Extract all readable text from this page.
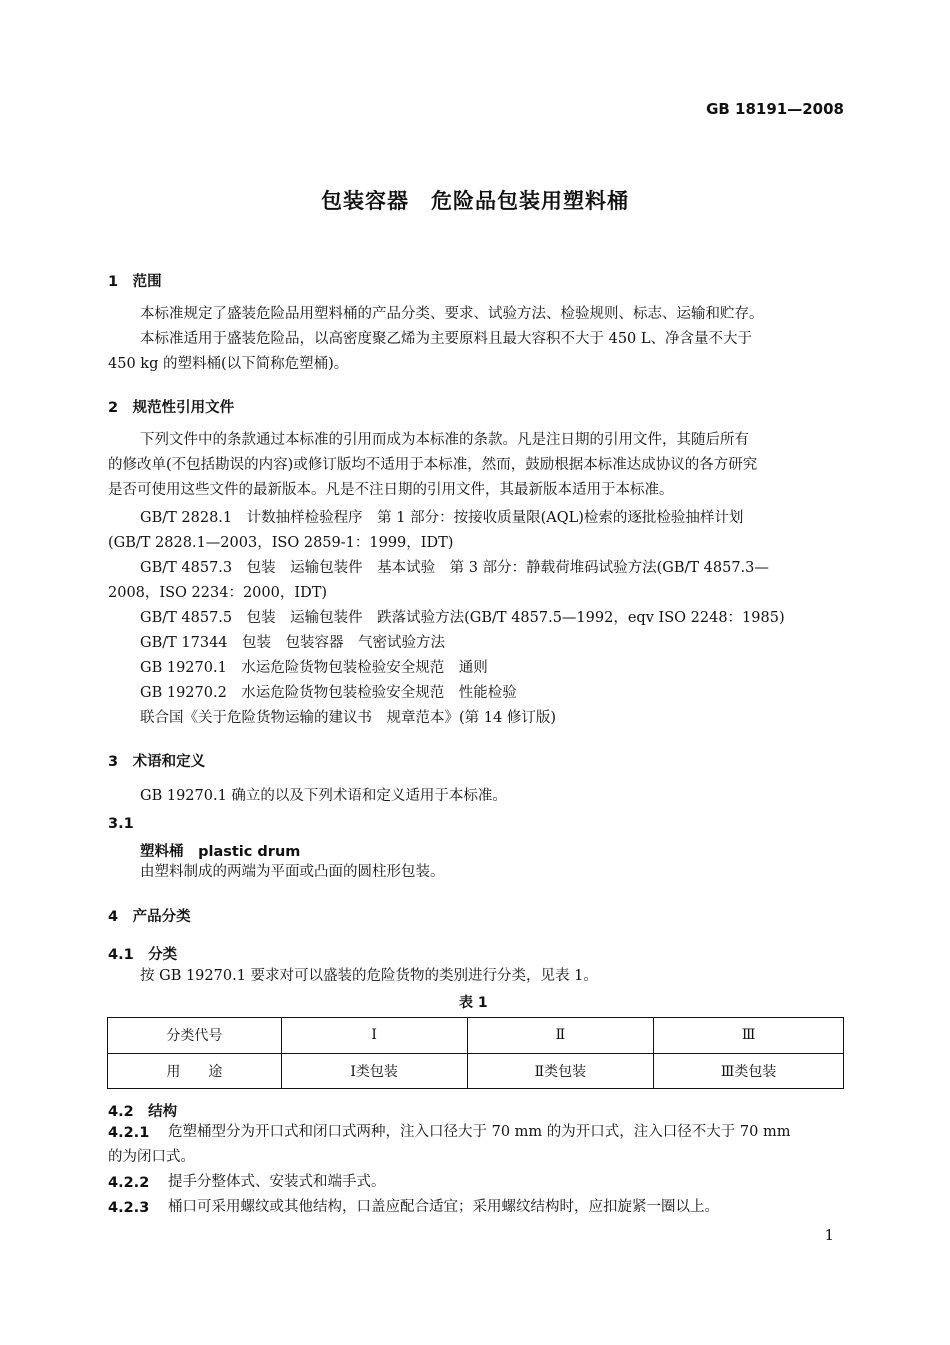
GB 18191—2008
包装容器　危险品包装用塑料桶
1　范围
本标准规定了盛装危险品用塑料桶的产品分类、要求、试验方法、检验规则、标志、运输和贮存。
本标准适用于盛装危险品，以高密度聚乙烯为主要原料且最大容积不大于 450 L、净含量不大于
450 kg 的塑料桶(以下简称危塑桶)。
2　规范性引用文件
下列文件中的条款通过本标准的引用而成为本标准的条款。凡是注日期的引用文件，其随后所有
的修改单(不包括勘误的内容)或修订版均不适用于本标准，然而，鼓励根据本标准达成协议的各方研究
是否可使用这些文件的最新版本。凡是不注日期的引用文件，其最新版本适用于本标准。
GB/T 2828.1　计数抽样检验程序　第 1 部分：按接收质量限(AQL)检索的逐批检验抽样计划
(GB/T 2828.1—2003，ISO 2859-1：1999，IDT)
GB/T 4857.3　包装　运输包装件　基本试验　第 3 部分：静载荷堆码试验方法(GB/T 4857.3—
2008，ISO 2234：2000，IDT)
GB/T 4857.5　包装　运输包装件　跌落试验方法(GB/T 4857.5—1992，eqv ISO 2248：1985)
GB/T 17344　包装　包装容器　气密试验方法
GB 19270.1　水运危险货物包装检验安全规范　通则
GB 19270.2　水运危险货物包装检验安全规范　性能检验
联合国《关于危险货物运输的建议书　规章范本》(第 14 修订版)
3　术语和定义
GB 19270.1 确立的以及下列术语和定义适用于本标准。
3.1
塑料桶 plastic drum
由塑料制成的两端为平面或凸面的圆柱形包装。
4　产品分类
4.1　分类
按 GB 19270.1 要求对可以盛装的危险货物的类别进行分类，见表 1。
表 1
分类代号	Ⅰ	Ⅱ	Ⅲ
用　　途	Ⅰ类包装	Ⅱ类包装	Ⅲ类包装
4.2　结构
4.2.1 危塑桶型分为开口式和闭口式两种，注入口径大于 70 mm 的为开口式，注入口径不大于 70 mm
的为闭口式。
4.2.2 提手分整体式、安装式和端手式。
4.2.3 桶口可采用螺纹或其他结构，口盖应配合适宜；采用螺纹结构时，应扣旋紧一圈以上。
1
